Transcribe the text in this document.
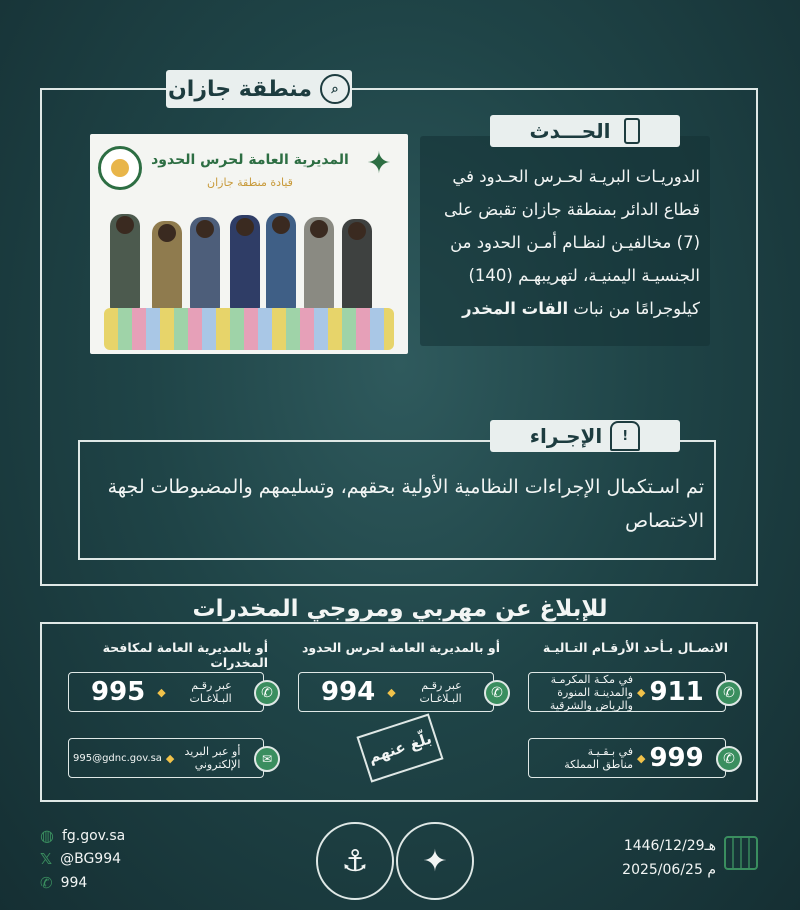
منطقة جازان	⌕
الحـــدث
الدوريـات البريـة لحـرس الحـدود في
قطاع الدائر بمنطقة جازان تقبض على
(7) مخالفيـن لنظـام أمـن الحدود من
الجنسيـة اليمنيـة، لتهريبهـم (140)
كيلوجرامًا من نبات القات المخدر
المديرية العامة لحرس الحدود
قيادة منطقة جازان
✦
الإجـراء	!
تم اسـتكمال الإجراءات النظامية الأولية بحقهم، وتسليمهم والمضبوطات لجهة الاختصاص
للإبلاغ عن مهربي ومروجي المخدرات
الاتصـال بـأحد الأرقـام التـاليـة
في مكـة المكرمـة
والمدينـة المنورة
والرياض والشرقية
◆ 911	✆
في بـقـيـة
مناطق المملكة ◆ 999	✆
أو بالمديرية العامة لحرس الحدود
994 ◆	عبر رقـم
البـلاغـات	✆
بلّغ عنهم
أو بالمديرية العامة لمكافحة المخدرات
995 ◆	عبر رقـم
البـلاغـات	✆
995@gdnc.gov.sa ◆ أو عبر البريد
الإلكتروني	✉
◍ fg.gov.sa
𝕏 @BG994
✆ 994
⚓ ✦	1446/12/29هـ
2025/06/25 م
